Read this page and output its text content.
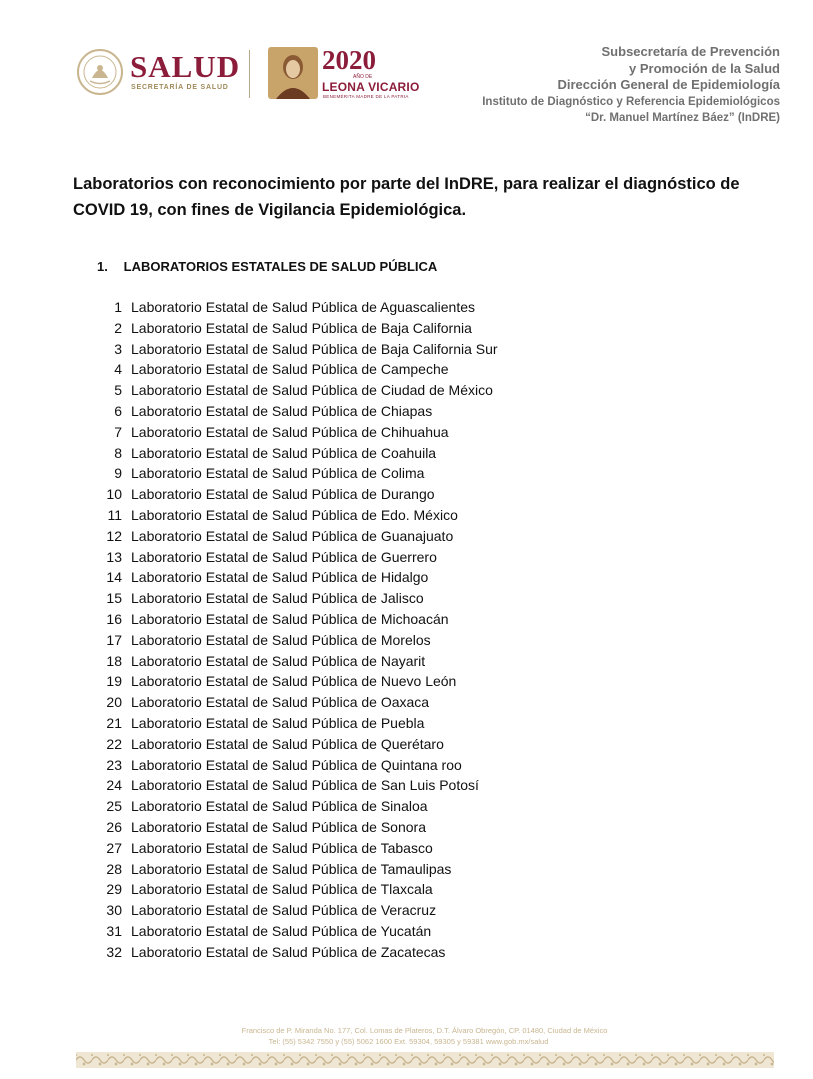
SALUD
SECRETARÍA DE SALUD
2020
AÑO DE
LEONA VICARIO
BENEMÉRITA MADRE DE LA PATRIA
Subsecretaría de Prevención
y Promoción de la Salud
Dirección General de Epidemiología
Instituto de Diagnóstico y Referencia Epidemiológicos
“Dr. Manuel Martínez Báez” (InDRE)
Laboratorios con reconocimiento por parte del InDRE, para realizar el diagnóstico de
COVID 19, con fines de Vigilancia Epidemiológica.
1. LABORATORIOS ESTATALES DE SALUD PÚBLICA
1 Laboratorio Estatal de Salud Pública de Aguascalientes
2 Laboratorio Estatal de Salud Pública de Baja California
3 Laboratorio Estatal de Salud Pública de Baja California Sur
4 Laboratorio Estatal de Salud Pública de Campeche
5 Laboratorio Estatal de Salud Pública de Ciudad de México
6 Laboratorio Estatal de Salud Pública de Chiapas
7 Laboratorio Estatal de Salud Pública de Chihuahua
8 Laboratorio Estatal de Salud Pública de Coahuila
9 Laboratorio Estatal de Salud Pública de Colima
10 Laboratorio Estatal de Salud Pública de Durango
11 Laboratorio Estatal de Salud Pública de Edo. México
12 Laboratorio Estatal de Salud Pública de Guanajuato
13 Laboratorio Estatal de Salud Pública de Guerrero
14 Laboratorio Estatal de Salud Pública de Hidalgo
15 Laboratorio Estatal de Salud Pública de Jalisco
16 Laboratorio Estatal de Salud Pública de Michoacán
17 Laboratorio Estatal de Salud Pública de Morelos
18 Laboratorio Estatal de Salud Pública de Nayarit
19 Laboratorio Estatal de Salud Pública de Nuevo León
20 Laboratorio Estatal de Salud Pública de Oaxaca
21 Laboratorio Estatal de Salud Pública de Puebla
22 Laboratorio Estatal de Salud Pública de Querétaro
23 Laboratorio Estatal de Salud Pública de Quintana roo
24 Laboratorio Estatal de Salud Pública de San Luis Potosí
25 Laboratorio Estatal de Salud Pública de Sinaloa
26 Laboratorio Estatal de Salud Pública de Sonora
27 Laboratorio Estatal de Salud Pública de Tabasco
28 Laboratorio Estatal de Salud Pública de Tamaulipas
29 Laboratorio Estatal de Salud Pública de Tlaxcala
30 Laboratorio Estatal de Salud Pública de Veracruz
31 Laboratorio Estatal de Salud Pública de Yucatán
32 Laboratorio Estatal de Salud Pública de Zacatecas
Francisco de P. Miranda No. 177, Col. Lomas de Plateros, D.T. Álvaro Obregón, CP. 01480, Ciudad de México
Tel: (55) 5342 7550 y (55) 5062 1600 Ext. 59304, 59305 y 59381 www.gob.mx/salud
